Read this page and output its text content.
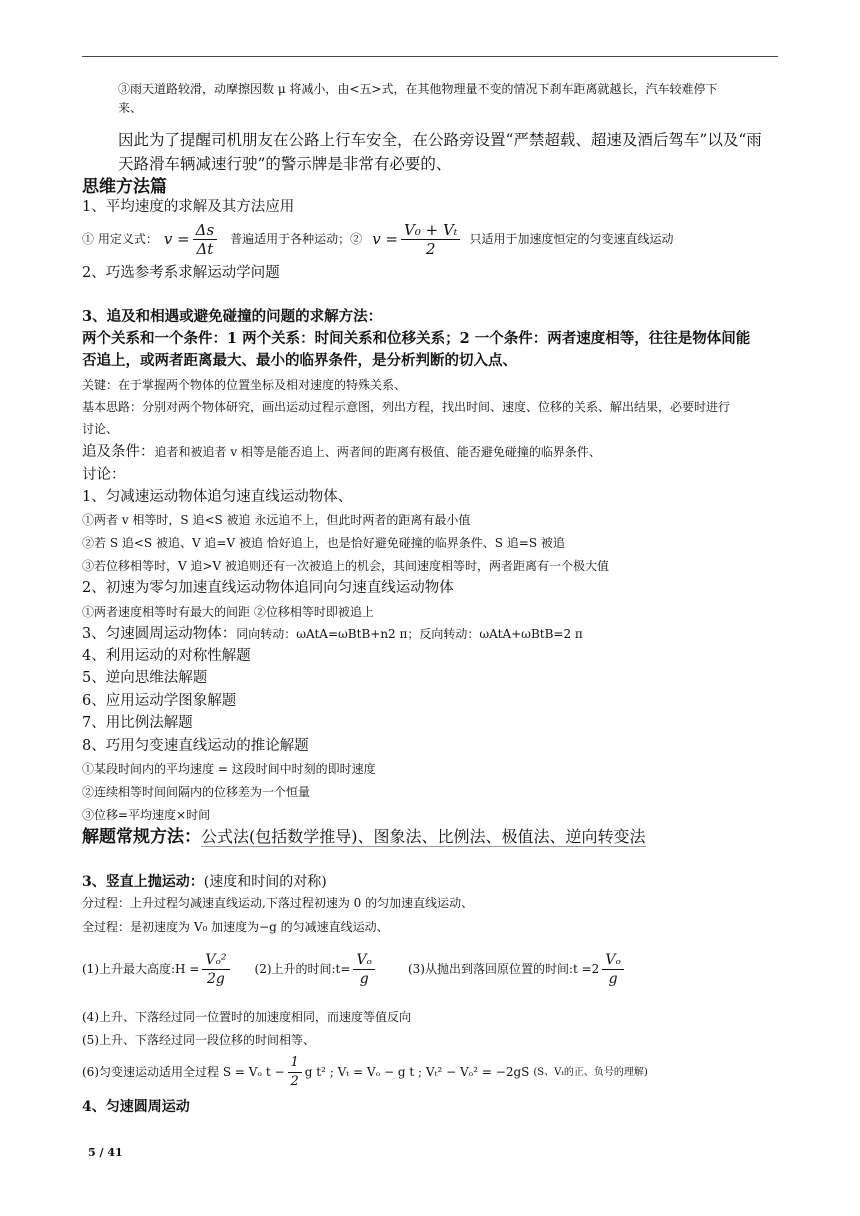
③雨天道路较滑，动摩擦因数 μ 将减小，由<五>式，在其他物理量不变的情况下刹车距离就越长，汽车较难停下
来、
因此为了提醒司机朋友在公路上行车安全，在公路旁设置“严禁超载、超速及酒后驾车”以及“雨
天路滑车辆减速行驶”的警示牌是非常有必要的、
思维方法篇
1、平均速度的求解及其方法应用
① 用定义式： $v = \frac{\Delta s}{\Delta t}$ 普遍适用于各种运动；② $v = \frac{\text{V₀ + Vₜ}}{2}$ 只适用于加速度恒定的匀变速直线运动
2、巧选参考系求解运动学问题
3、追及和相遇或避免碰撞的问题的求解方法：
两个关系和一个条件：1 两个关系：时间关系和位移关系；2 一个条件：两者速度相等，往往是物体间能
否追上，或两者距离最大、最小的临界条件，是分析判断的切入点、
关键：在于掌握两个物体的位置坐标及相对速度的特殊关系、
基本思路：分别对两个物体研究，画出运动过程示意图，列出方程，找出时间、速度、位移的关系、解出结果，必要时进行
讨论、
追及条件：追者和被追者 v 相等是能否追上、两者间的距离有极值、能否避免碰撞的临界条件、
讨论：
1、匀减速运动物体追匀速直线运动物体、
①两者 v 相等时，S 追<S 被追 永远追不上，但此时两者的距离有最小值
②若 S 追<S 被追、V 追=V 被追 恰好追上，也是恰好避免碰撞的临界条件、S 追=S 被追
③若位移相等时，V 追>V 被追则还有一次被追上的机会，其间速度相等时，两者距离有一个极大值
2、初速为零匀加速直线运动物体追同向匀速直线运动物体
①两者速度相等时有最大的间距 ②位移相等时即被追上
3、匀速圆周运动物体：同向转动：ωAtA=ωBtB+n2 π；反向转动：ωAtA+ωBtB=2 π
4、利用运动的对称性解题
5、逆向思维法解题
6、应用运动学图象解题
7、用比例法解题
8、巧用匀变速直线运动的推论解题
①某段时间内的平均速度 = 这段时间中时刻的即时速度
②连续相等时间间隔内的位移差为一个恒量
③位移=平均速度×时间
解题常规方法：公式法(包括数学推导)、图象法、比例法、极值法、逆向转变法
3、竖直上抛运动：(速度和时间的对称)
分过程：上升过程匀减速直线运动,下落过程初速为 0 的匀加速直线运动、
全过程：是初速度为 V₀ 加速度为−g 的匀减速直线运动、
(1)上升最大高度:H = $\frac{\text{Vₒ²}}{2g} (2)$上升的时间:t= $\frac{\text{Vₒ}}{g}$	(3)从抛出到落回原位置的时间:t $=2 \frac{\text{Vₒ}}{g}$
(4)上升、下落经过同一位置时的加速度相同，而速度等值反向
(5)上升、下落经过同一段位移的时间相等、
(6)匀变速运动适用全过程 S = Vₒ $t - \frac{1}{2}$ g t² ; Vₜ = Vₒ − g t ; Vₜ² − Vₒ² = −2gS (S、Vₜ的正、负号的理解)
4、匀速圆周运动
5 / 41
